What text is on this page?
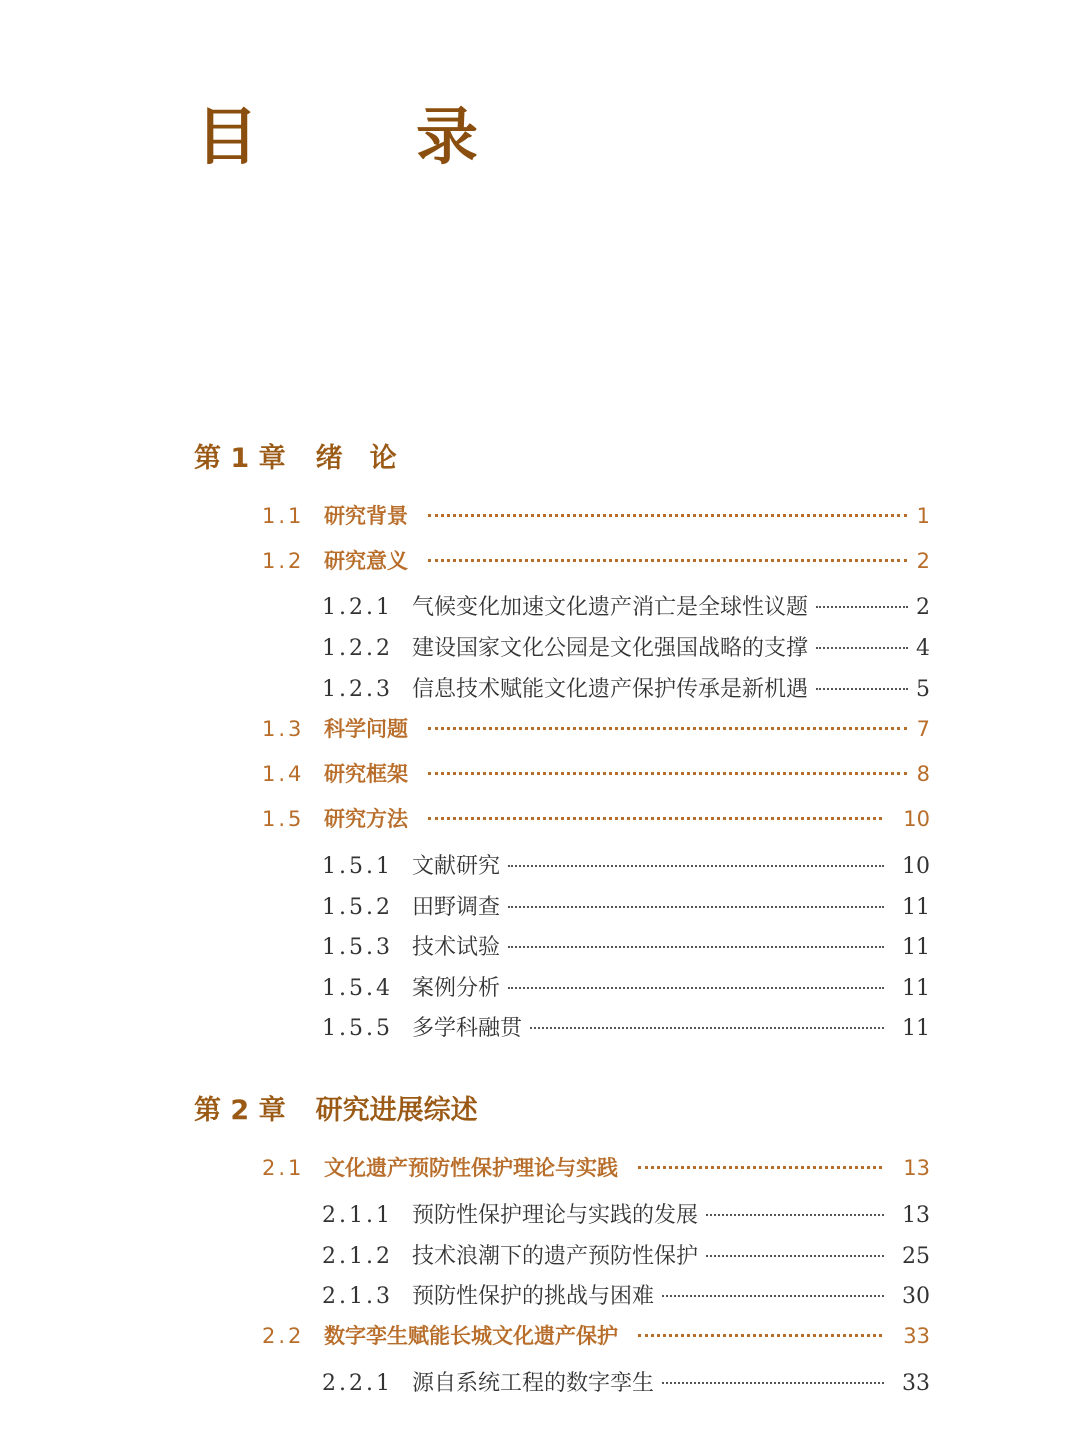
目　录
第 1 章 绪　论
1.1 研究背景	1
1.2 研究意义	2
1.2.1 气候变化加速文化遗产消亡是全球性议题	2
1.2.2 建设国家文化公园是文化强国战略的支撑	4
1.2.3 信息技术赋能文化遗产保护传承是新机遇	5
1.3 科学问题	7
1.4 研究框架	8
1.5 研究方法	10
1.5.1 文献研究	10
1.5.2 田野调查	11
1.5.3 技术试验	11
1.5.4 案例分析	11
1.5.5 多学科融贯	11
第 2 章 研究进展综述
2.1 文化遗产预防性保护理论与实践	13
2.1.1 预防性保护理论与实践的发展	13
2.1.2 技术浪潮下的遗产预防性保护	25
2.1.3 预防性保护的挑战与困难	30
2.2 数字孪生赋能长城文化遗产保护	33
2.2.1 源自系统工程的数字孪生	33
